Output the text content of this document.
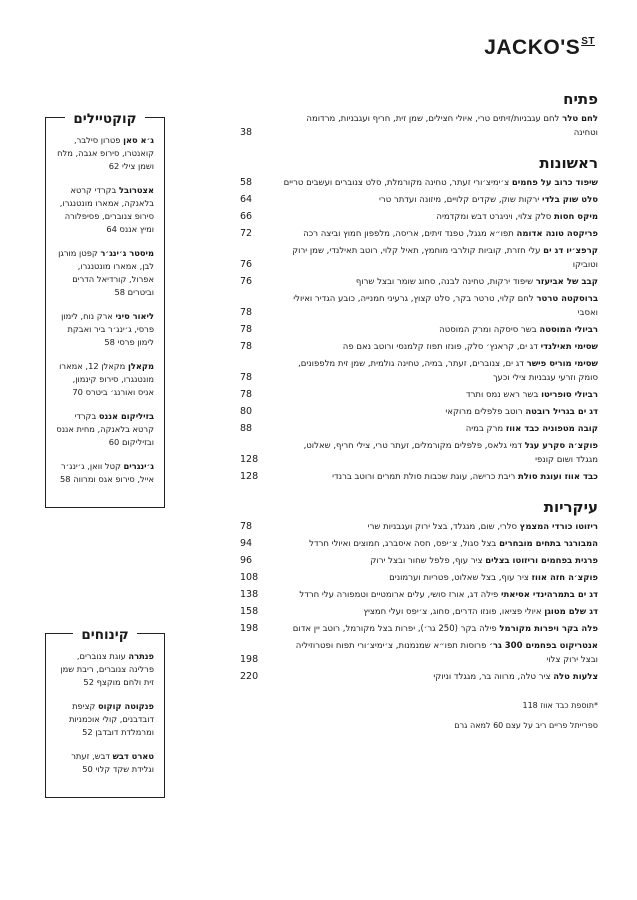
$JACKO'S^{ST}$
פתיח
לחם טלר לחם עגבניות/זיתים טרי, איולי חצילים, שמן זית, חריף ועגבניות, מרדומה וטחינה
38
ראשונות
שיפוד כרוב על פחמים צ׳ימיצ׳ורי זעתר, טחינה מקורמלת, סלט צנוברים ועשבים טריים
58
סלט שוק בלדי ירקות שוק, שקדים קלויים, מיזונה ועדתר טרי
64
מיקס חסות סלק צלוי, ויניגרט דבש ומקדמיה
66
פריקסה טונה אדומה תפו״א מגגל, טפנד זיתים, אריסה, מלפפון חמוץ וביצה רכה
72
קרפצ׳יו דג ים עלי חזרת, קוביות קולרבי מוחמץ, תאיל קלוי, רוטב תאילנדי, שמן ירוק וטוביקו
76
קבב של אביעזר שיפוד ירקות, טחינה לבנה, סחוג שומר ובצל שרוף
76
ברוסקטה טרטר לחם קלוי, טרטר בקר, סלט קצוץ, גרעיני חמנייה, כובע הגדיר ואיולי ואסבי
78
רביולי המוסטה בשר סיסקה ומרק המוסטה
78
שסימי תאילנדי דג ים, קראנץ׳ סלק, פונזו תפוז קלמנסי ורוטב נאם פה
78
שסימי מוריס פישר דג ים, צנוברים, זעתר, במיה, טחינה גולמית, שמן זית מלפפונים, סומק וזרעי עגבניות צילי וכעך
78
רביולי סופריטו בשר ראש נמס ותרד
78
דג ים בגריל רובטה רוטב פלפלים מרוקאי
80
קובה מטפוניה כבד אווז מרק במיה
88
פוקצ׳ה סקרע עגל דמי גלאס, פלפלים מקורמלים, זעתר טרי, צילי חריף, שאלוט, מגגלד ושום קונפי
128
כבד אווז ועוגת סולת ריבת כרישה, עוגת שכבות סולת תמרים ורוטב ברנדי
128
עיקריות
ריזוטו כורדי המצמץ סלרי, שום, מגגלד, בצל ירוק ועגבניות שרי
78
המבורגר בתחים מובחרים בצל סגול, צ׳יפס, חסה איסברג, חמוצים ואיולי חרדל
94
פרגית בפחמים וריזוטו בצלים ציר עוף, פלפל שחור ובצל ירוק
96
פוקצ׳ה חזה אווז ציר עוף, בצל שאלוט, פטריות וערמונים
108
דג ים בתמרהינדי אסיאתי פילה דג, אורז סושי, עלים ארומטיים וטמפורה עלי חרדל
138
דג שלם מטוגן איולי פציאו, פונזו הדרים, סחוג, צ׳יפס ועלי חמציץ
158
פלה בקר ויפרות מקורמל פילה בקר (250 גר׳), יפרות בצל מקורמל, רוטב יין אדום
198
אנטריקוט בפחמים 300 גר׳ פרוסות תפו״א שמנמנות, צ׳ימיצ׳ורי תפוח ופטרוזיליה ובצל ירוק צלוי
198
צלעות טלה ציר טלה, מרווה בר, מגגלד וניוקי
220
*תוספת כבד אווז 118
ספרייתל פריים ריב על עצם 60 למאה גרם
קוקטיילים
ג׳א סאן פטרון סילבר, קואנטרו, סירופ אגבה, מלח ושמן צילי 62
אצטרובל בקרדי קרטא בלאנקה, אמארו מונטנגרו, סירופ צנוברים, פסיפלורה ומיץ אננס 64
מיסטר ג׳ינג׳ר קפטן מורגן לבן, אמארו מונטנגרו, אפרול, קורדיאל הדרים וביטרים 58
ליאור סיני ארק נוח, לימון פרסי, ג׳ינג׳ר ביר ואבקת לימון פרסי 58
מקאלן מקאלן 12, אמארו מונטנגרו, סירופ קינמון, אניס ואורנג׳ ביטרס 70
בזיליקום אננס בקרדי קרטא בלאנקה, מחית אננס ובזיליקום 60
ג׳ינגרים קטל וואן, ג׳ינג׳ר אייל, סירופ אגס ומרווה 58
קינוחים
פנתרה עוגת צנוברים, פרלינה צנוברים, ריבת שמן זית ולחם מוקצף 52
פנקוטה קוקוס קציפת דובדבנים, קולי אוכמניות ומרמלדת דובדבן 52
טארט דבש דבש, זעתר וגלידת שקד קלוי 50
